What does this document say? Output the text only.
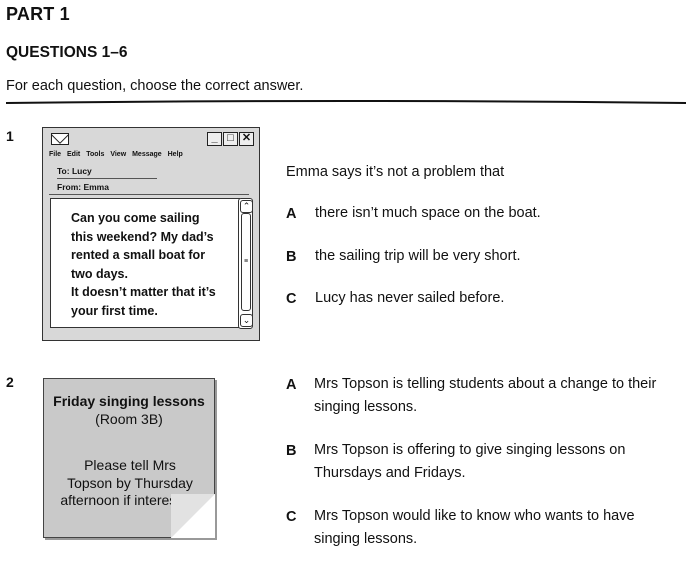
PART 1
QUESTIONS 1–6
For each question, choose the correct answer.
1	_ □ ✕
File Edit Tools View Message Help
To: Lucy
From: Emma
Can you come sailing
this weekend? My dad’s
rented a small boat for
two days.
It doesn’t matter that it’s
your first time.
⌃
≡
⌄
Emma says it’s not a problem that
A there isn’t much space on the boat.
B the sailing trip will be very short.
C Lucy has never sailed before.
2
Friday singing lessons
(Room 3B)
Please tell Mrs
Topson by Thursday
afternoon if interested.
A Mrs Topson is telling students about a change to their
singing lessons.
B Mrs Topson is offering to give singing lessons on
Thursdays and Fridays.
C Mrs Topson would like to know who wants to have
singing lessons.
